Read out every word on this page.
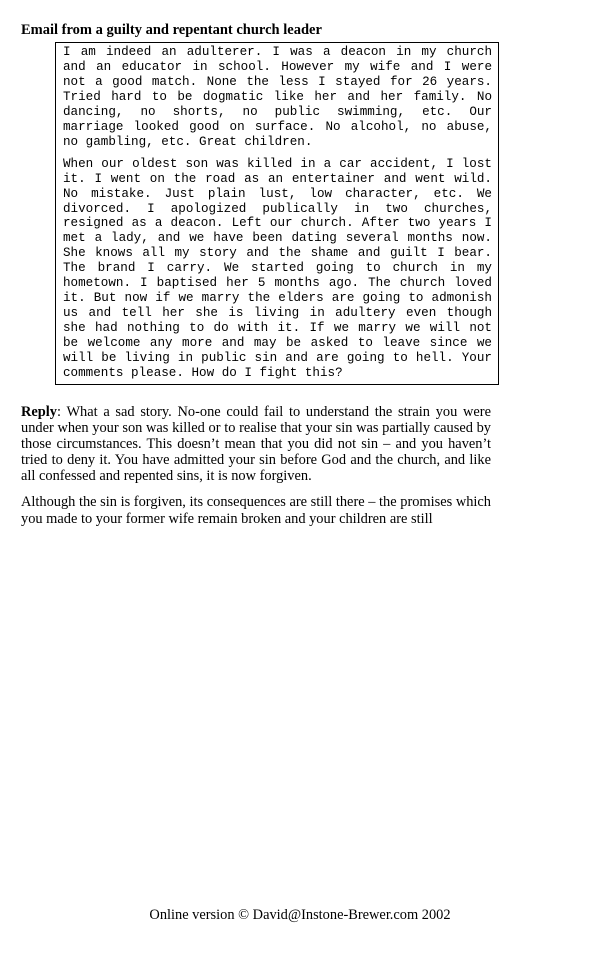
Email from a guilty and repentant church leader

I am indeed an adulterer. I was a deacon in my church and an educator in school. However my wife and I were not a good match. None the less I stayed for 26 years. Tried hard to be dogmatic like her and her family. No dancing, no shorts, no public swimming, etc. Our marriage looked good on surface. No alcohol, no abuse, no gambling, etc. Great children.

When our oldest son was killed in a car accident, I lost it. I went on the road as an entertainer and went wild. No mistake. Just plain lust, low character, etc. We divorced. I apologized publically in two churches, resigned as a deacon. Left our church. After two years I met a lady, and we have been dating several months now. She knows all my story and the shame and guilt I bear. The brand I carry. We started going to church in my hometown. I baptised her 5 months ago. The church loved it. But now if we marry the elders are going to admonish us and tell her she is living in adultery even though she had nothing to do with it. If we marry we will not be welcome any more and may be asked to leave since we will be living in public sin and are going to hell. Your comments please. How do I fight this?

Reply: What a sad story. No-one could fail to understand the strain you were under when your son was killed or to realise that your sin was partially caused by those circumstances. This doesn’t mean that you did not sin – and you haven’t tried to deny it. You have admitted your sin before God and the church, and like all confessed and repented sins, it is now forgiven.

Although the sin is forgiven, its consequences are still there – the promises which you made to your former wife remain broken and your children are still

Online version © David@Instone-Brewer.com 2002
